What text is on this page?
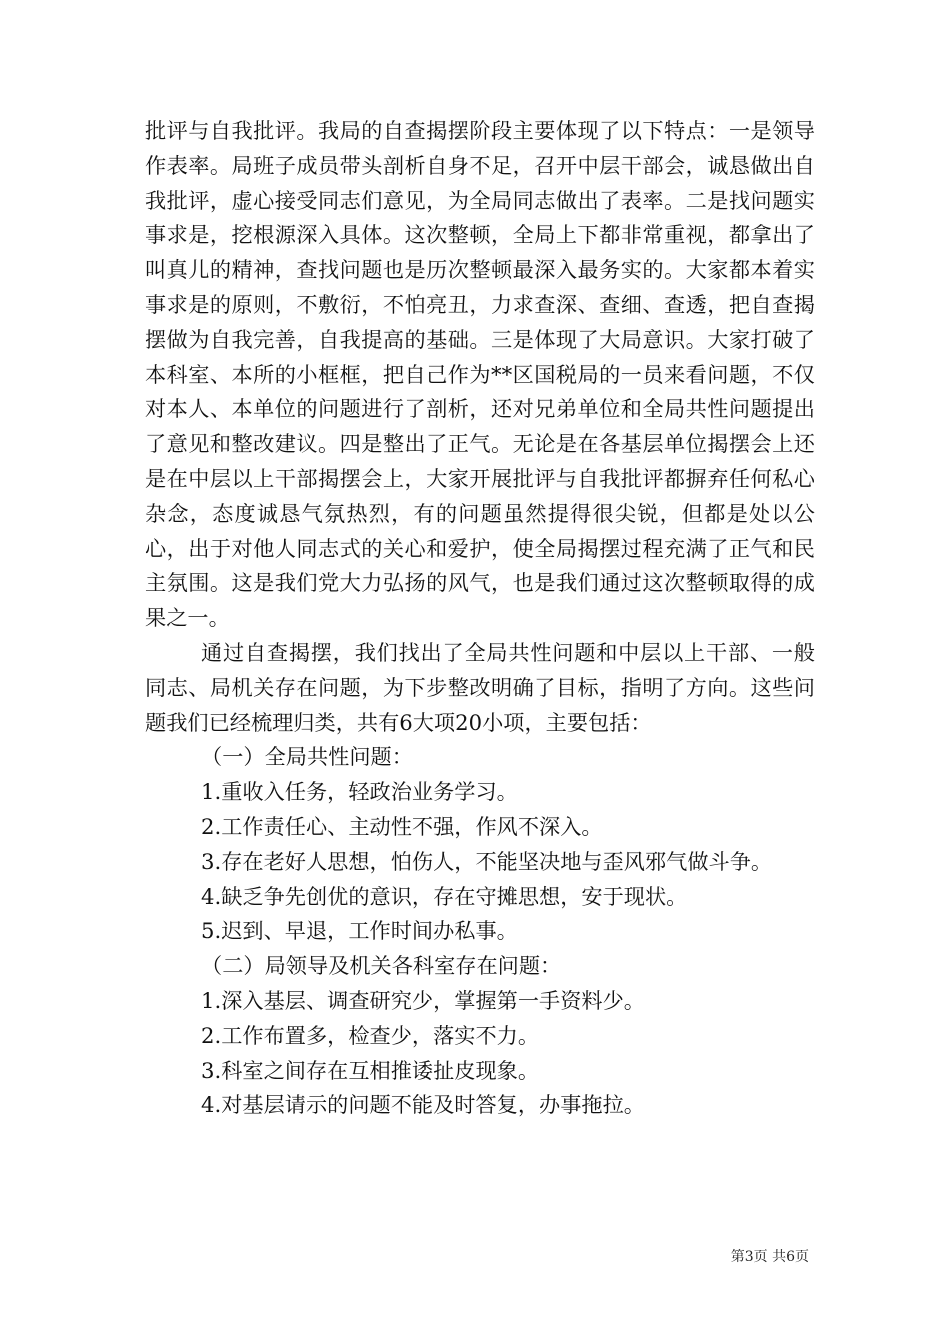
批评与自我批评。我局的自查揭摆阶段主要体现了以下特点：一是领导作表率。局班子成员带头剖析自身不足，召开中层干部会，诚恳做出自我批评，虚心接受同志们意见，为全局同志做出了表率。二是找问题实事求是，挖根源深入具体。这次整顿，全局上下都非常重视，都拿出了叫真儿的精神，查找问题也是历次整顿最深入最务实的。大家都本着实事求是的原则，不敷衍，不怕亮丑，力求查深、查细、查透，把自查揭摆做为自我完善，自我提高的基础。三是体现了大局意识。大家打破了本科室、本所的小框框，把自己作为**区国税局的一员来看问题，不仅对本人、本单位的问题进行了剖析，还对兄弟单位和全局共性问题提出了意见和整改建议。四是整出了正气。无论是在各基层单位揭摆会上还是在中层以上干部揭摆会上，大家开展批评与自我批评都摒弃任何私心杂念，态度诚恳气氛热烈，有的问题虽然提得很尖锐，但都是处以公心，出于对他人同志式的关心和爱护，使全局揭摆过程充满了正气和民主氛围。这是我们党大力弘扬的风气，也是我们通过这次整顿取得的成果之一。

通过自查揭摆，我们找出了全局共性问题和中层以上干部、一般同志、局机关存在问题，为下步整改明确了目标，指明了方向。这些问题我们已经梳理归类，共有6大项20小项，主要包括：

（一）全局共性问题：

1.重收入任务，轻政治业务学习。

2.工作责任心、主动性不强，作风不深入。

3.存在老好人思想，怕伤人，不能坚决地与歪风邪气做斗争。

4.缺乏争先创优的意识，存在守摊思想，安于现状。

5.迟到、早退，工作时间办私事。

（二）局领导及机关各科室存在问题：

1.深入基层、调查研究少，掌握第一手资料少。

2.工作布置多，检查少，落实不力。

3.科室之间存在互相推诿扯皮现象。

4.对基层请示的问题不能及时答复，办事拖拉。

第3页 共6页
